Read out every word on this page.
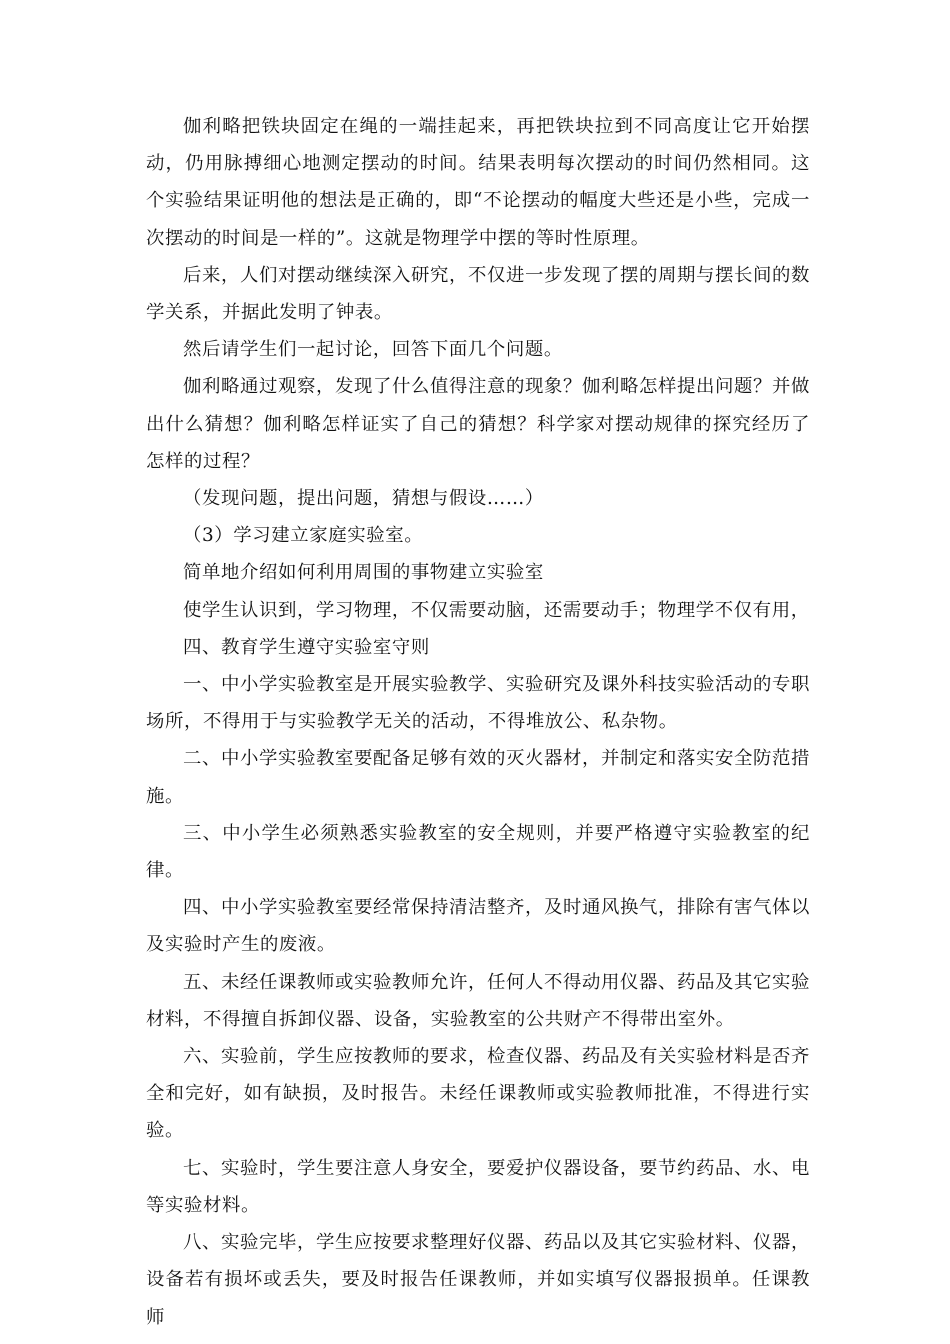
伽利略把铁块固定在绳的一端挂起来，再把铁块拉到不同高度让它开始摆动，仍用脉搏细心地测定摆动的时间。结果表明每次摆动的时间仍然相同。这个实验结果证明他的想法是正确的，即“不论摆动的幅度大些还是小些，完成一次摆动的时间是一样的”。这就是物理学中摆的等时性原理。

后来，人们对摆动继续深入研究，不仅进一步发现了摆的周期与摆长间的数学关系，并据此发明了钟表。

然后请学生们一起讨论，回答下面几个问题。

伽利略通过观察，发现了什么值得注意的现象？伽利略怎样提出问题？并做出什么猜想？伽利略怎样证实了自己的猜想？科学家对摆动规律的探究经历了怎样的过程？

（发现问题，提出问题，猜想与假设……）

（3）学习建立家庭实验室。

简单地介绍如何利用周围的事物建立实验室

使学生认识到，学习物理，不仅需要动脑，还需要动手；物理学不仅有用，

四、教育学生遵守实验室守则

一、中小学实验教室是开展实验教学、实验研究及课外科技实验活动的专职场所，不得用于与实验教学无关的活动，不得堆放公、私杂物。

二、中小学实验教室要配备足够有效的灭火器材，并制定和落实安全防范措施。

三、中小学生必须熟悉实验教室的安全规则，并要严格遵守实验教室的纪律。

四、中小学实验教室要经常保持清洁整齐，及时通风换气，排除有害气体以及实验时产生的废液。

五、未经任课教师或实验教师允许，任何人不得动用仪器、药品及其它实验材料，不得擅自拆卸仪器、设备，实验教室的公共财产不得带出室外。

六、实验前，学生应按教师的要求，检查仪器、药品及有关实验材料是否齐全和完好，如有缺损，及时报告。未经任课教师或实验教师批准，不得进行实验。

七、实验时，学生要注意人身安全，要爱护仪器设备，要节约药品、水、电等实验材料。

八、实验完毕，学生应按要求整理好仪器、药品以及其它实验材料、仪器，设备若有损坏或丢失，要及时报告任课教师，并如实填写仪器报损单。任课教师
